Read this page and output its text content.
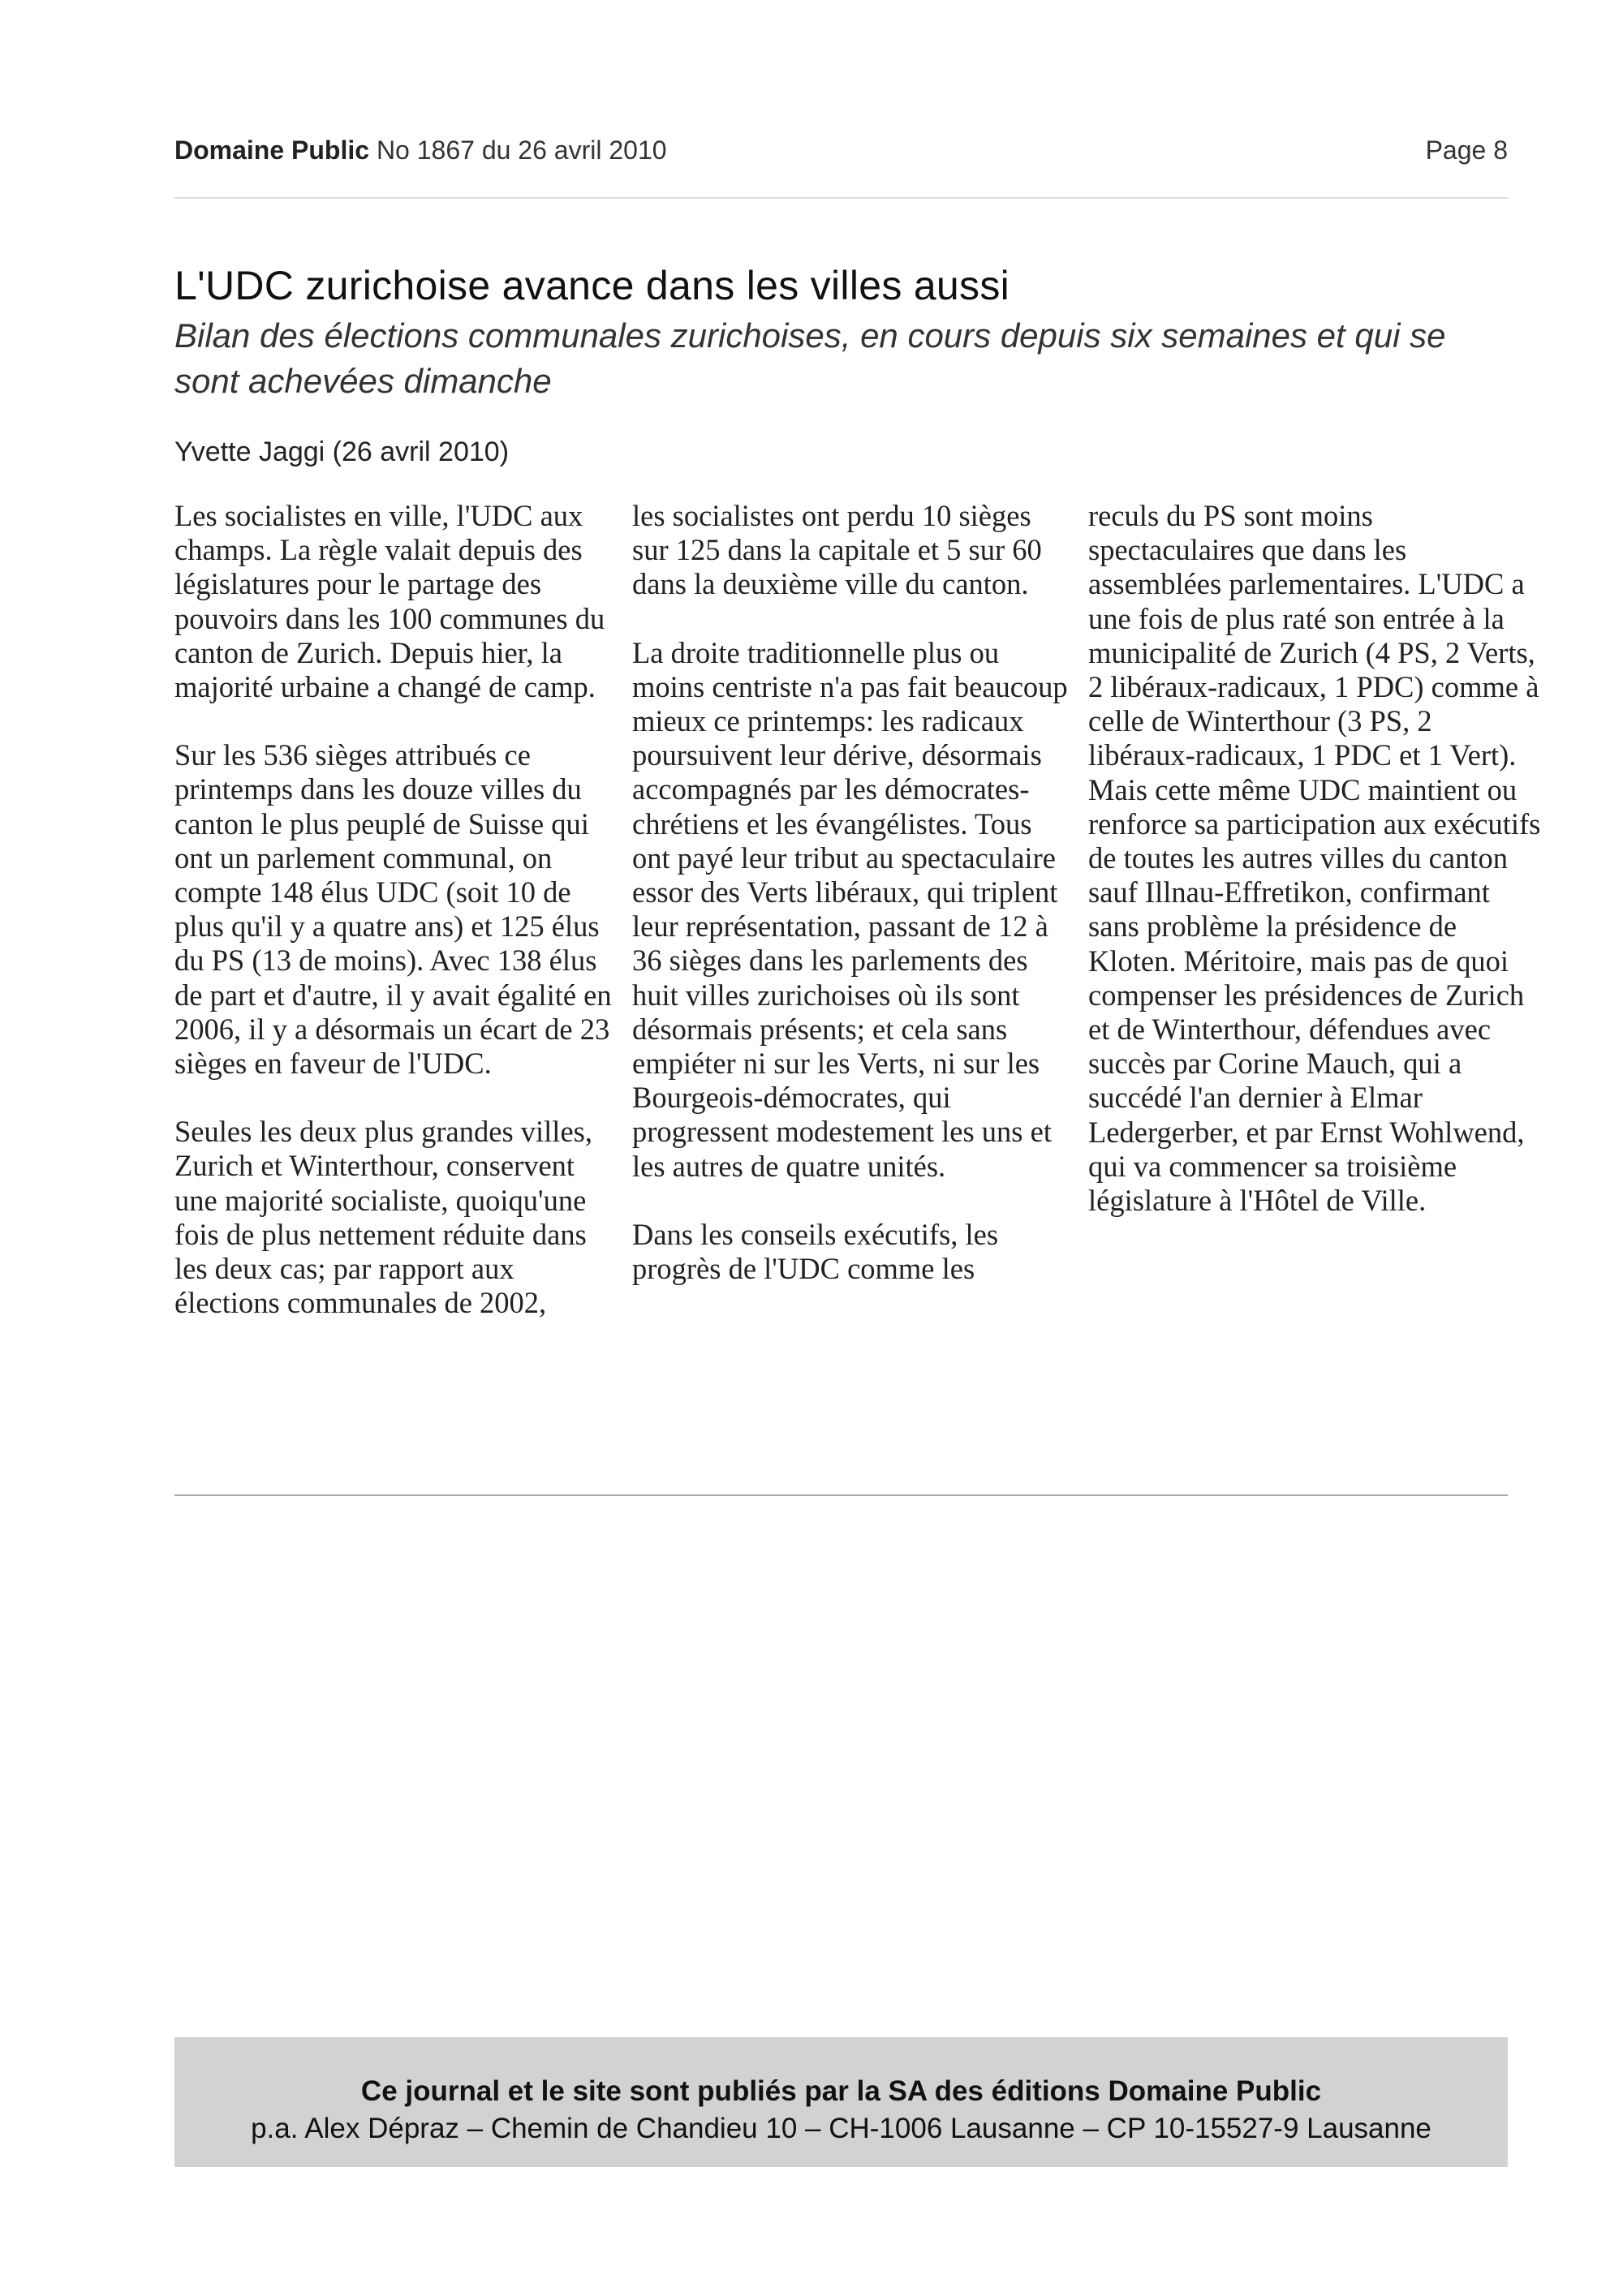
Domaine Public No 1867 du 26 avril 2010	Page 8
L'UDC zurichoise avance dans les villes aussi
Bilan des élections communales zurichoises, en cours depuis six semaines et qui se sont achevées dimanche
Yvette Jaggi (26 avril 2010)

Les socialistes en ville, l'UDC aux champs. La règle valait depuis des législatures pour le partage des pouvoirs dans les 100 communes du canton de Zurich. Depuis hier, la majorité urbaine a changé de camp.

Sur les 536 sièges attribués ce printemps dans les douze villes du canton le plus peuplé de Suisse qui ont un parlement communal, on compte 148 élus UDC (soit 10 de plus qu'il y a quatre ans) et 125 élus du PS (13 de moins). Avec 138 élus de part et d'autre, il y avait égalité en 2006, il y a désormais un écart de 23 sièges en faveur de l'UDC.

Seules les deux plus grandes villes, Zurich et Winterthour, conservent une majorité socialiste, quoiqu'une fois de plus nettement réduite dans les deux cas; par rapport aux élections communales de 2002,

les socialistes ont perdu 10 sièges sur 125 dans la capitale et 5 sur 60 dans la deuxième ville du canton.

La droite traditionnelle plus ou moins centriste n'a pas fait beaucoup mieux ce printemps: les radicaux poursuivent leur dérive, désormais accompagnés par les démocrates-chrétiens et les évangélistes. Tous ont payé leur tribut au spectaculaire essor des Verts libéraux, qui triplent leur représentation, passant de 12 à 36 sièges dans les parlements des huit villes zurichoises où ils sont désormais présents; et cela sans empiéter ni sur les Verts, ni sur les Bourgeois-démocrates, qui progressent modestement les uns et les autres de quatre unités.

Dans les conseils exécutifs, les progrès de l'UDC comme les

reculs du PS sont moins spectaculaires que dans les assemblées parlementaires. L'UDC a une fois de plus raté son entrée à la municipalité de Zurich (4 PS, 2 Verts, 2 libéraux-radicaux, 1 PDC) comme à celle de Winterthour (3 PS, 2 libéraux-radicaux, 1 PDC et 1 Vert). Mais cette même UDC maintient ou renforce sa participation aux exécutifs de toutes les autres villes du canton sauf Illnau-Effretikon, confirmant sans problème la présidence de Kloten. Méritoire, mais pas de quoi compenser les présidences de Zurich et de Winterthour, défendues avec succès par Corine Mauch, qui a succédé l'an dernier à Elmar Ledergerber, et par Ernst Wohlwend, qui va commencer sa troisième législature à l'Hôtel de Ville.

Ce journal et le site sont publiés par la SA des éditions Domaine Public
p.a. Alex Dépraz – Chemin de Chandieu 10 – CH-1006 Lausanne – CP 10-15527-9 Lausanne
